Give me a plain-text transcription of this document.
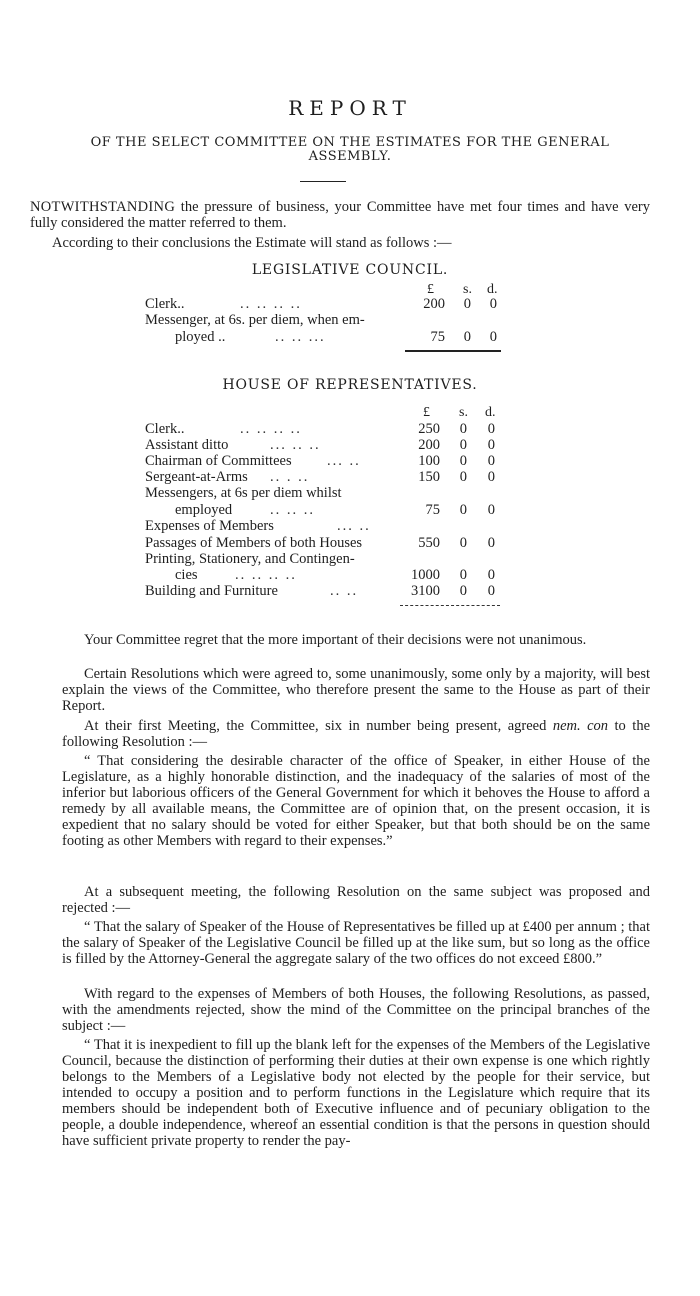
REPORT
OF THE SELECT COMMITTEE ON THE ESTIMATES FOR THE GENERAL
ASSEMBLY.

NOTWITHSTANDING the pressure of business, your Committee have met four times and have very fully considered the matter referred to them.

According to their conclusions the Estimate will stand as follows :—

LEGISLATIVE COUNCIL.
£ s. d.
Clerk..	.. .. .. ..	200	0	0
Messenger, at 6s. per diem, when em-
ployed ..	.. .. ...	75	0	0
HOUSE OF REPRESENTATIVES.
£ s. d.
Clerk..	.. .. .. ..	250	0	0
Assistant ditto	... .. ..	200	0	0
Chairman of Committees ... ..	100	0	0
Sergeant-at-Arms .. . ..	150	0	0
Messengers, at 6s per diem whilst
employed	.. .. ..	75	0	0
Expenses of Members	... ..
Passages of Members of both Houses	550	0	0
Printing, Stationery, and Contingen-
cies	.. .. .. ..	1000	0	0
Building and Furniture	.. ..	3100	0	0

Your Committee regret that the more important of their decisions were not unanimous.

Certain Resolutions which were agreed to, some unanimously, some only by a majority, will best explain the views of the Committee, who therefore present the same to the House as part of their Report.

At their first Meeting, the Committee, six in number being present, agreed nem. con to the following Resolution :—

“ That considering the desirable character of the office of Speaker, in either House of the Legislature, as a highly honorable distinction, and the inadequacy of the salaries of most of the inferior but laborious officers of the General Government for which it behoves the House to afford a remedy by all available means, the Committee are of opinion that, on the present occasion, it is expedient that no salary should be voted for either Speaker, but that both should be on the same footing as other Members with regard to their expenses.”

At a subsequent meeting, the following Resolution on the same subject was proposed and rejected :—

“ That the salary of Speaker of the House of Representatives be filled up at £400 per annum ; that the salary of Speaker of the Legislative Council be filled up at the like sum, but so long as the office is filled by the Attorney-General the aggregate salary of the two offices do not exceed £800.”

With regard to the expenses of Members of both Houses, the following Resolutions, as passed, with the amendments rejected, show the mind of the Committee on the principal branches of the subject :—

“ That it is inexpedient to fill up the blank left for the expenses of the Members of the Legislative Council, because the distinction of performing their duties at their own expense is one which rightly belongs to the Members of a Legislative body not elected by the people for their service, but intended to occupy a position and to perform functions in the Legislature which require that its members should be independent both of Executive influence and of pecuniary obligation to the people, a double independence, whereof an essential condition is that the persons in question should have sufficient private property to render the pay-
